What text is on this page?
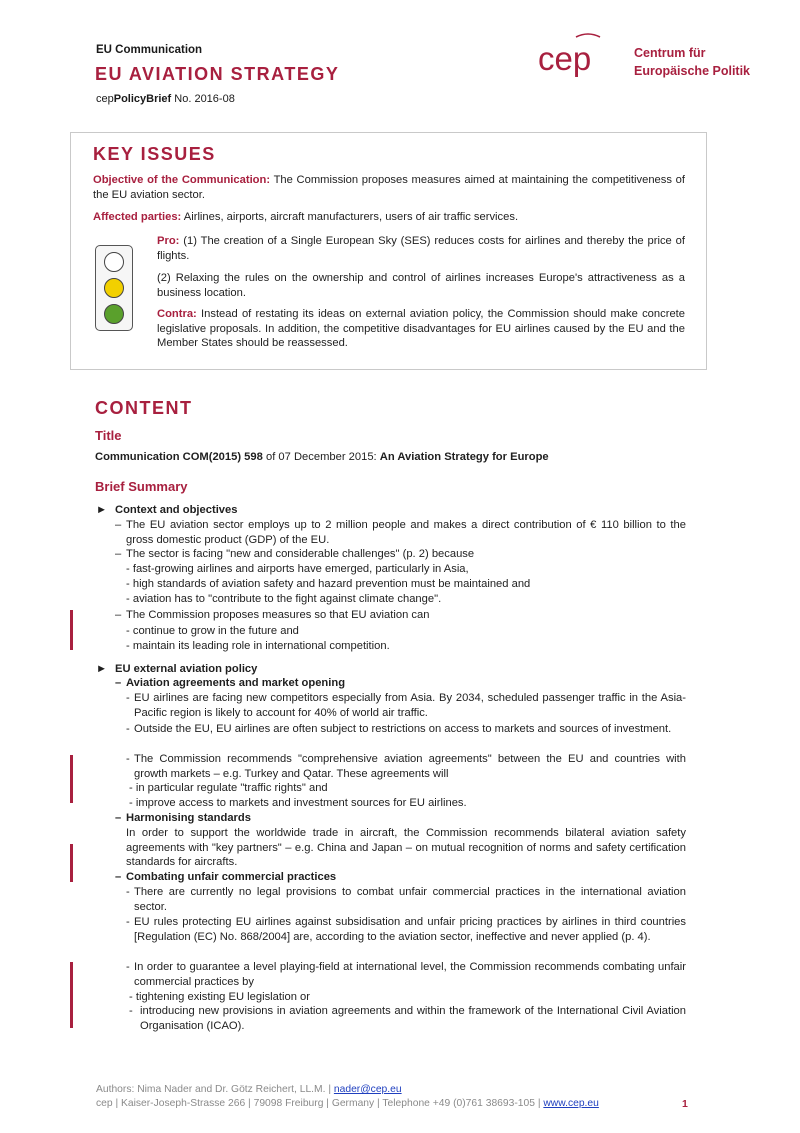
EU Communication
EU AVIATION STRATEGY
cepPolicyBrief No. 2016-08
cep	Centrum für
Europäische Politik
KEY ISSUES
Objective of the Communication: The Commission proposes measures aimed at maintaining the competitiveness of the EU aviation sector.
Affected parties: Airlines, airports, aircraft manufacturers, users of air traffic services.
Pro: (1) The creation of a Single European Sky (SES) reduces costs for airlines and thereby the price of flights.
(2) Relaxing the rules on the ownership and control of airlines increases Europe's attractiveness as a business location.
Contra: Instead of restating its ideas on external aviation policy, the Commission should make concrete legislative proposals. In addition, the competitive disadvantages for EU airlines caused by the EU and the Member States should be reassessed.
CONTENT
Title
Communication COM(2015) 598 of 07 December 2015: An Aviation Strategy for Europe
Brief Summary
► Context and objectives
– The EU aviation sector employs up to 2 million people and makes a direct contribution of € 110 billion to the gross domestic product (GDP) of the EU.
– The sector is facing "new and considerable challenges" (p. 2) because
- fast-growing airlines and airports have emerged, particularly in Asia,
- high standards of aviation safety and hazard prevention must be maintained and
- aviation has to "contribute to the fight against climate change".
– The Commission proposes measures so that EU aviation can
- continue to grow in the future and
- maintain its leading role in international competition.
► EU external aviation policy
– Aviation agreements and market opening
- EU airlines are facing new competitors especially from Asia. By 2034, scheduled passenger traffic in the Asia-Pacific region is likely to account for 40% of world air traffic.
- Outside the EU, EU airlines are often subject to restrictions on access to markets and sources of investment.
- The Commission recommends "comprehensive aviation agreements" between the EU and countries with growth markets – e.g. Turkey and Qatar. These agreements will
- in particular regulate "traffic rights" and
- improve access to markets and investment sources for EU airlines.
– Harmonising standards
In order to support the worldwide trade in aircraft, the Commission recommends bilateral aviation safety agreements with "key partners" – e.g. China and Japan – on mutual recognition of norms and safety certification standards for aircrafts.
– Combating unfair commercial practices
- There are currently no legal provisions to combat unfair commercial practices in the international aviation sector.
- EU rules protecting EU airlines against subsidisation and unfair pricing practices by airlines in third countries [Regulation (EC) No. 868/2004] are, according to the aviation sector, ineffective and never applied (p. 4).
- In order to guarantee a level playing-field at international level, the Commission recommends combating unfair commercial practices by
- tightening existing EU legislation or
- introducing new provisions in aviation agreements and within the framework of the International Civil Aviation Organisation (ICAO).
Authors: Nima Nader and Dr. Götz Reichert, LL.M. | nader@cep.eu
cep | Kaiser-Joseph-Strasse 266 | 79098 Freiburg | Germany | Telephone +49 (0)761 38693-105 | www.cep.eu	1
